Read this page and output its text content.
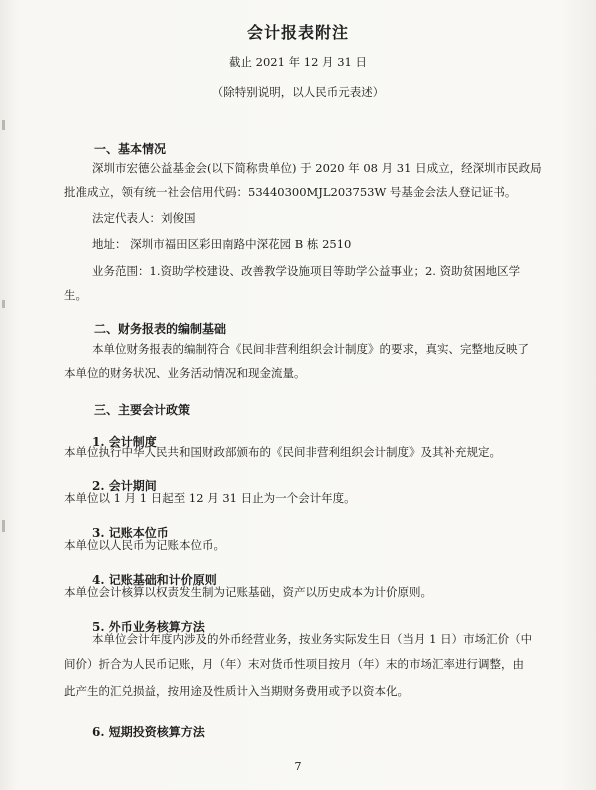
会计报表附注
截止 2021 年 12 月 31 日
（除特别说明，以人民币元表述）
一、基本情况
深圳市宏德公益基金会(以下简称贵单位) 于 2020 年 08 月 31 日成立，经深圳市民政局
批准成立，领有统一社会信用代码：53440300MJL203753W 号基金会法人登记证书。
法定代表人：刘俊国
地址： 深圳市福田区彩田南路中深花园 B 栋 2510
业务范围：1.资助学校建设、改善教学设施项目等助学公益事业；2. 资助贫困地区学
生。
二、财务报表的编制基础
本单位财务报表的编制符合《民间非营利组织会计制度》的要求，真实、完整地反映了
本单位的财务状况、业务活动情况和现金流量。
三、主要会计政策
1. 会计制度
本单位执行中华人民共和国财政部颁布的《民间非营利组织会计制度》及其补充规定。
2. 会计期间
本单位以 1 月 1 日起至 12 月 31 日止为一个会计年度。
3. 记账本位币
本单位以人民币为记账本位币。
4. 记账基础和计价原则
本单位会计核算以权责发生制为记账基础，资产以历史成本为计价原则。
5. 外币业务核算方法
本单位会计年度内涉及的外币经营业务，按业务实际发生日（当月 1 日）市场汇价（中
间价）折合为人民币记账，月（年）末对货币性项目按月（年）末的市场汇率进行调整，由
此产生的汇兑损益，按用途及性质计入当期财务费用或予以资本化。
6. 短期投资核算方法
7
